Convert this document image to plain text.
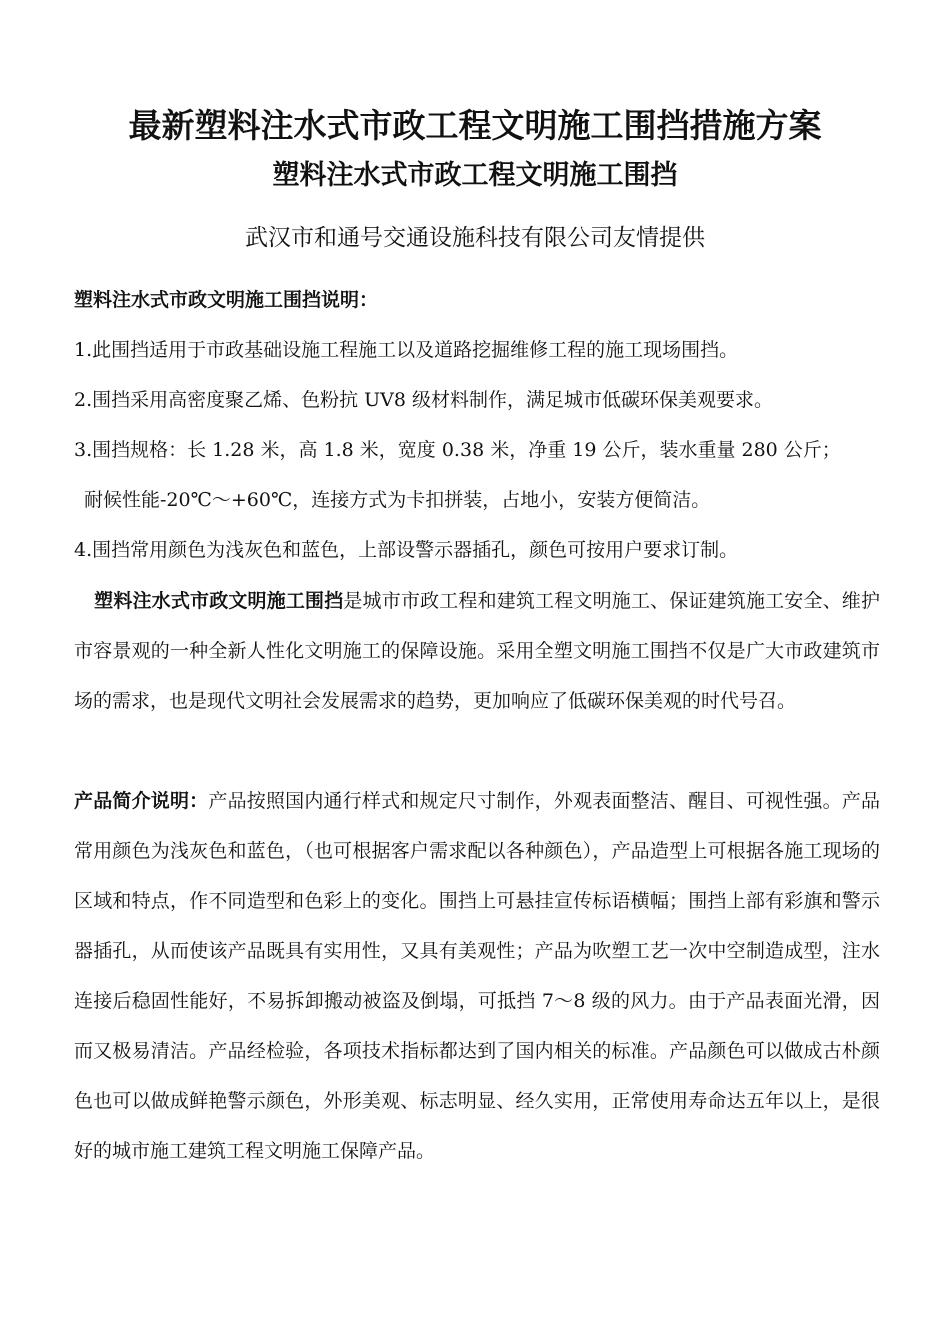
最新塑料注水式市政工程文明施工围挡措施方案
塑料注水式市政工程文明施工围挡
武汉市和通号交通设施科技有限公司友情提供
塑料注水式市政文明施工围挡说明：
1.此围挡适用于市政基础设施工程施工以及道路挖掘维修工程的施工现场围挡。
2.围挡采用高密度聚乙烯、色粉抗 UV8 级材料制作，满足城市低碳环保美观要求。
3.围挡规格：长 1.28 米，高 1.8 米，宽度 0.38 米，净重 19 公斤，装水重量 280 公斤；
耐候性能-20℃～+60℃，连接方式为卡扣拼装，占地小，安装方便简洁。
4.围挡常用颜色为浅灰色和蓝色，上部设警示器插孔，颜色可按用户要求订制。
塑料注水式市政文明施工围挡是城市市政工程和建筑工程文明施工、保证建筑施工安全、维护市容景观的一种全新人性化文明施工的保障设施。采用全塑文明施工围挡不仅是广大市政建筑市场的需求，也是现代文明社会发展需求的趋势，更加响应了低碳环保美观的时代号召。
产品简介说明：产品按照国内通行样式和规定尺寸制作，外观表面整洁、醒目、可视性强。产品常用颜色为浅灰色和蓝色，（也可根据客户需求配以各种颜色），产品造型上可根据各施工现场的区域和特点，作不同造型和色彩上的变化。围挡上可悬挂宣传标语横幅；围挡上部有彩旗和警示器插孔，从而使该产品既具有实用性，又具有美观性；产品为吹塑工艺一次中空制造成型，注水连接后稳固性能好，不易拆卸搬动被盗及倒塌，可抵挡 7～8 级的风力。由于产品表面光滑，因而又极易清洁。产品经检验，各项技术指标都达到了国内相关的标准。产品颜色可以做成古朴颜色也可以做成鲜艳警示颜色，外形美观、标志明显、经久实用，正常使用寿命达五年以上，是很好的城市施工建筑工程文明施工保障产品。
